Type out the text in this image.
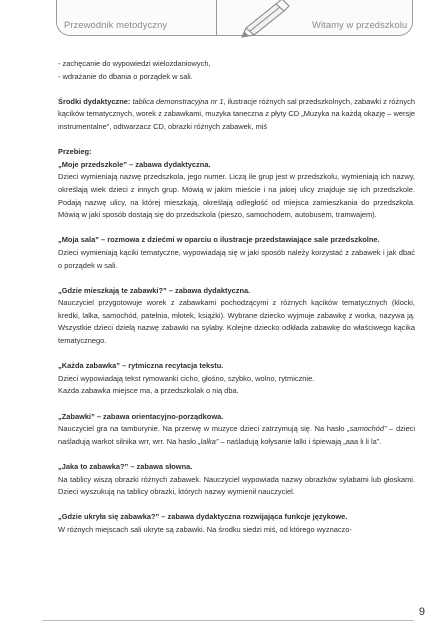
Przewodnik metodyczny	Witamy w przedszkolu

- zachęcanie do wypowiedzi wielozdaniowych,

- wdrażanie do dbania o porządek w sali.

Środki dydaktyczne: tablica demonstracyjna nr 1, ilustracje różnych sal przedszkolnych, zabawki z różnych kącików tematycznych, worek z zabawkami, muzyka taneczna z płyty CD „Muzyka na każdą okazję – wersje instrumentalne”, odtwarzacz CD, obrazki różnych zabawek, miś

Przebieg:

„Moje przedszkole” – zabawa dydaktyczna.

Dzieci wymieniają nazwę przedszkola, jego numer. Liczą ile grup jest w przedszkolu, wymieniają ich nazwy, określają wiek dzieci z innych grup. Mówią w jakim mieście i na jakiej ulicy znajduje się ich przedszkole. Podają nazwę ulicy, na której mieszkają, określają odległość od miejsca zamieszkania do przedszkola. Mówią w jaki sposób dostają się do przedszkola (pieszo, samochodem, autobusem, tramwajem).

„Moja sala” – rozmowa z dziećmi w oparciu o ilustracje przedstawiające sale przedszkolne.

Dzieci wymieniają kąciki tematyczne, wypowiadają się w jaki sposób należy korzystać z zabawek i jak dbać o porządek w sali.

„Gdzie mieszkają te zabawki?” – zabawa dydaktyczna.

Nauczyciel przygotowuje worek z zabawkami pochodzącymi z różnych kącików tematycznych (klocki, kredki, lalka, samochód, patelnia, młotek, książki). Wybrane dziecko wyjmuje zabawkę z worka, nazywa ją. Wszystkie dzieci dzielą nazwę zabawki na sylaby. Kolejne dziecko odkłada zabawkę do właściwego kącika tematycznego.

„Każda zabawka” – rytmiczna recytacja tekstu.

Dzieci wypowiadają tekst rymowanki cicho, głośno, szybko, wolno, rytmicznie.
Każda zabawka miejsce ma, a przedszkolak o nią dba.

„Zabawki” – zabawa orientacyjno-porządkowa.

Nauczyciel gra na tamburynie. Na przerwę w muzyce dzieci zatrzymują się. Na hasło „samochód” – dzieci naśladują warkot silnika wrr, wrr. Na hasło „lalka” – naśladują kołysanie lalki i śpiewają „aaa li li la”.

„Jaka to zabawka?” – zabawa słowna.

Na tablicy wiszą obrazki różnych zabawek. Nauczyciel wypowiada nazwy obrazków sylabami lub głoskami. Dzieci wyszukują na tablicy obrazki, których nazwy wymienił nauczyciel.

„Gdzie ukryła się zabawka?” – zabawa dydaktyczna rozwijająca funkcje językowe.

W różnych miejscach sali ukryte są zabawki. Na środku siedzi miś, od którego wyznaczo-

9
